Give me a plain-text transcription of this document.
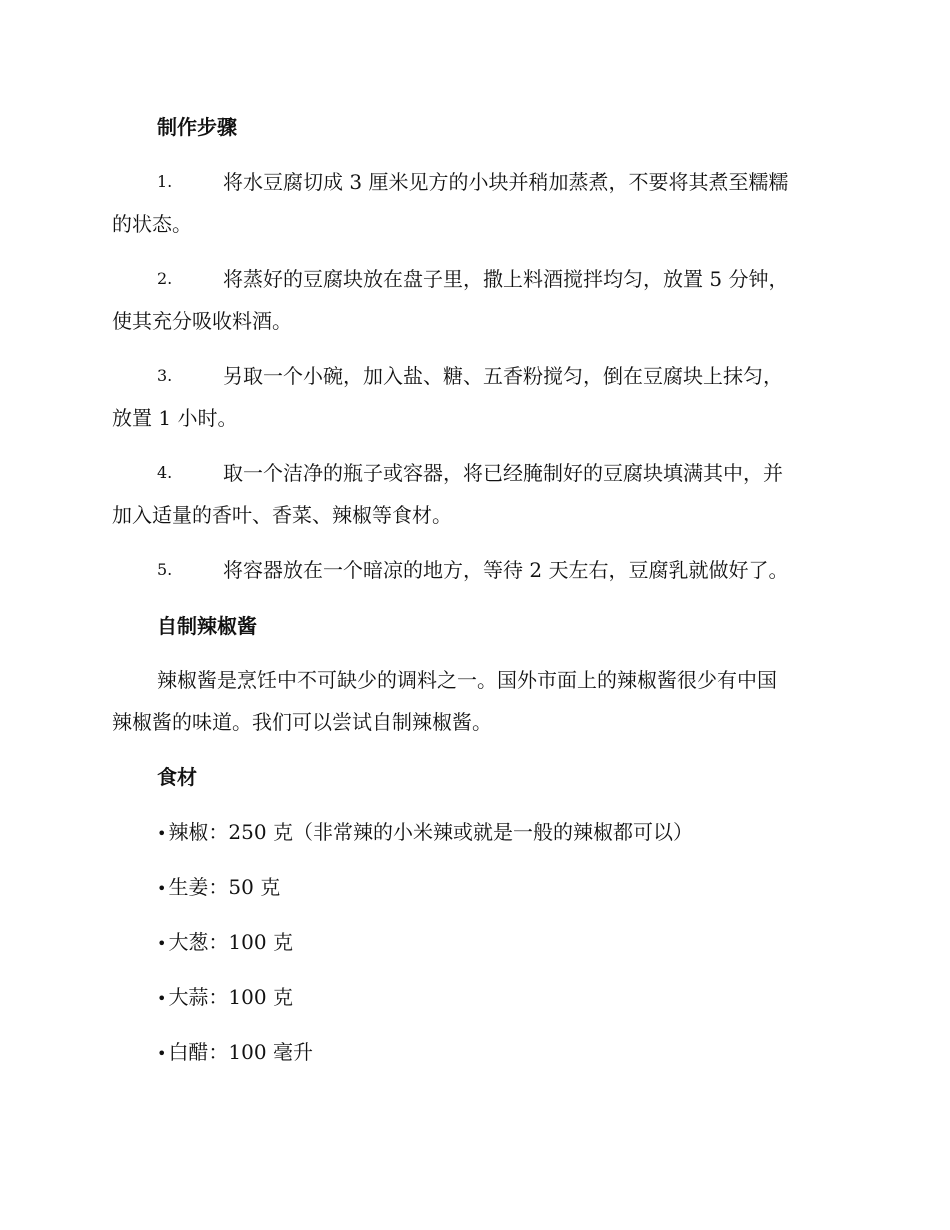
制作步骤
1.	将水豆腐切成 3 厘米见方的小块并稍加蒸煮，不要将其煮至糯糯
的状态。
2.	将蒸好的豆腐块放在盘子里，撒上料酒搅拌均匀，放置 5 分钟，
使其充分吸收料酒。
3.	另取一个小碗，加入盐、糖、五香粉搅匀，倒在豆腐块上抹匀，
放置 1 小时。
4.	取一个洁净的瓶子或容器，将已经腌制好的豆腐块填满其中，并
加入适量的香叶、香菜、辣椒等食材。
5.	将容器放在一个暗凉的地方，等待 2 天左右，豆腐乳就做好了。
自制辣椒酱
辣椒酱是烹饪中不可缺少的调料之一。国外市面上的辣椒酱很少有中国
辣椒酱的味道。我们可以尝试自制辣椒酱。
食材
• 辣椒：250 克（非常辣的小米辣或就是一般的辣椒都可以）
• 生姜：50 克
• 大葱：100 克
• 大蒜：100 克
• 白醋：100 毫升
